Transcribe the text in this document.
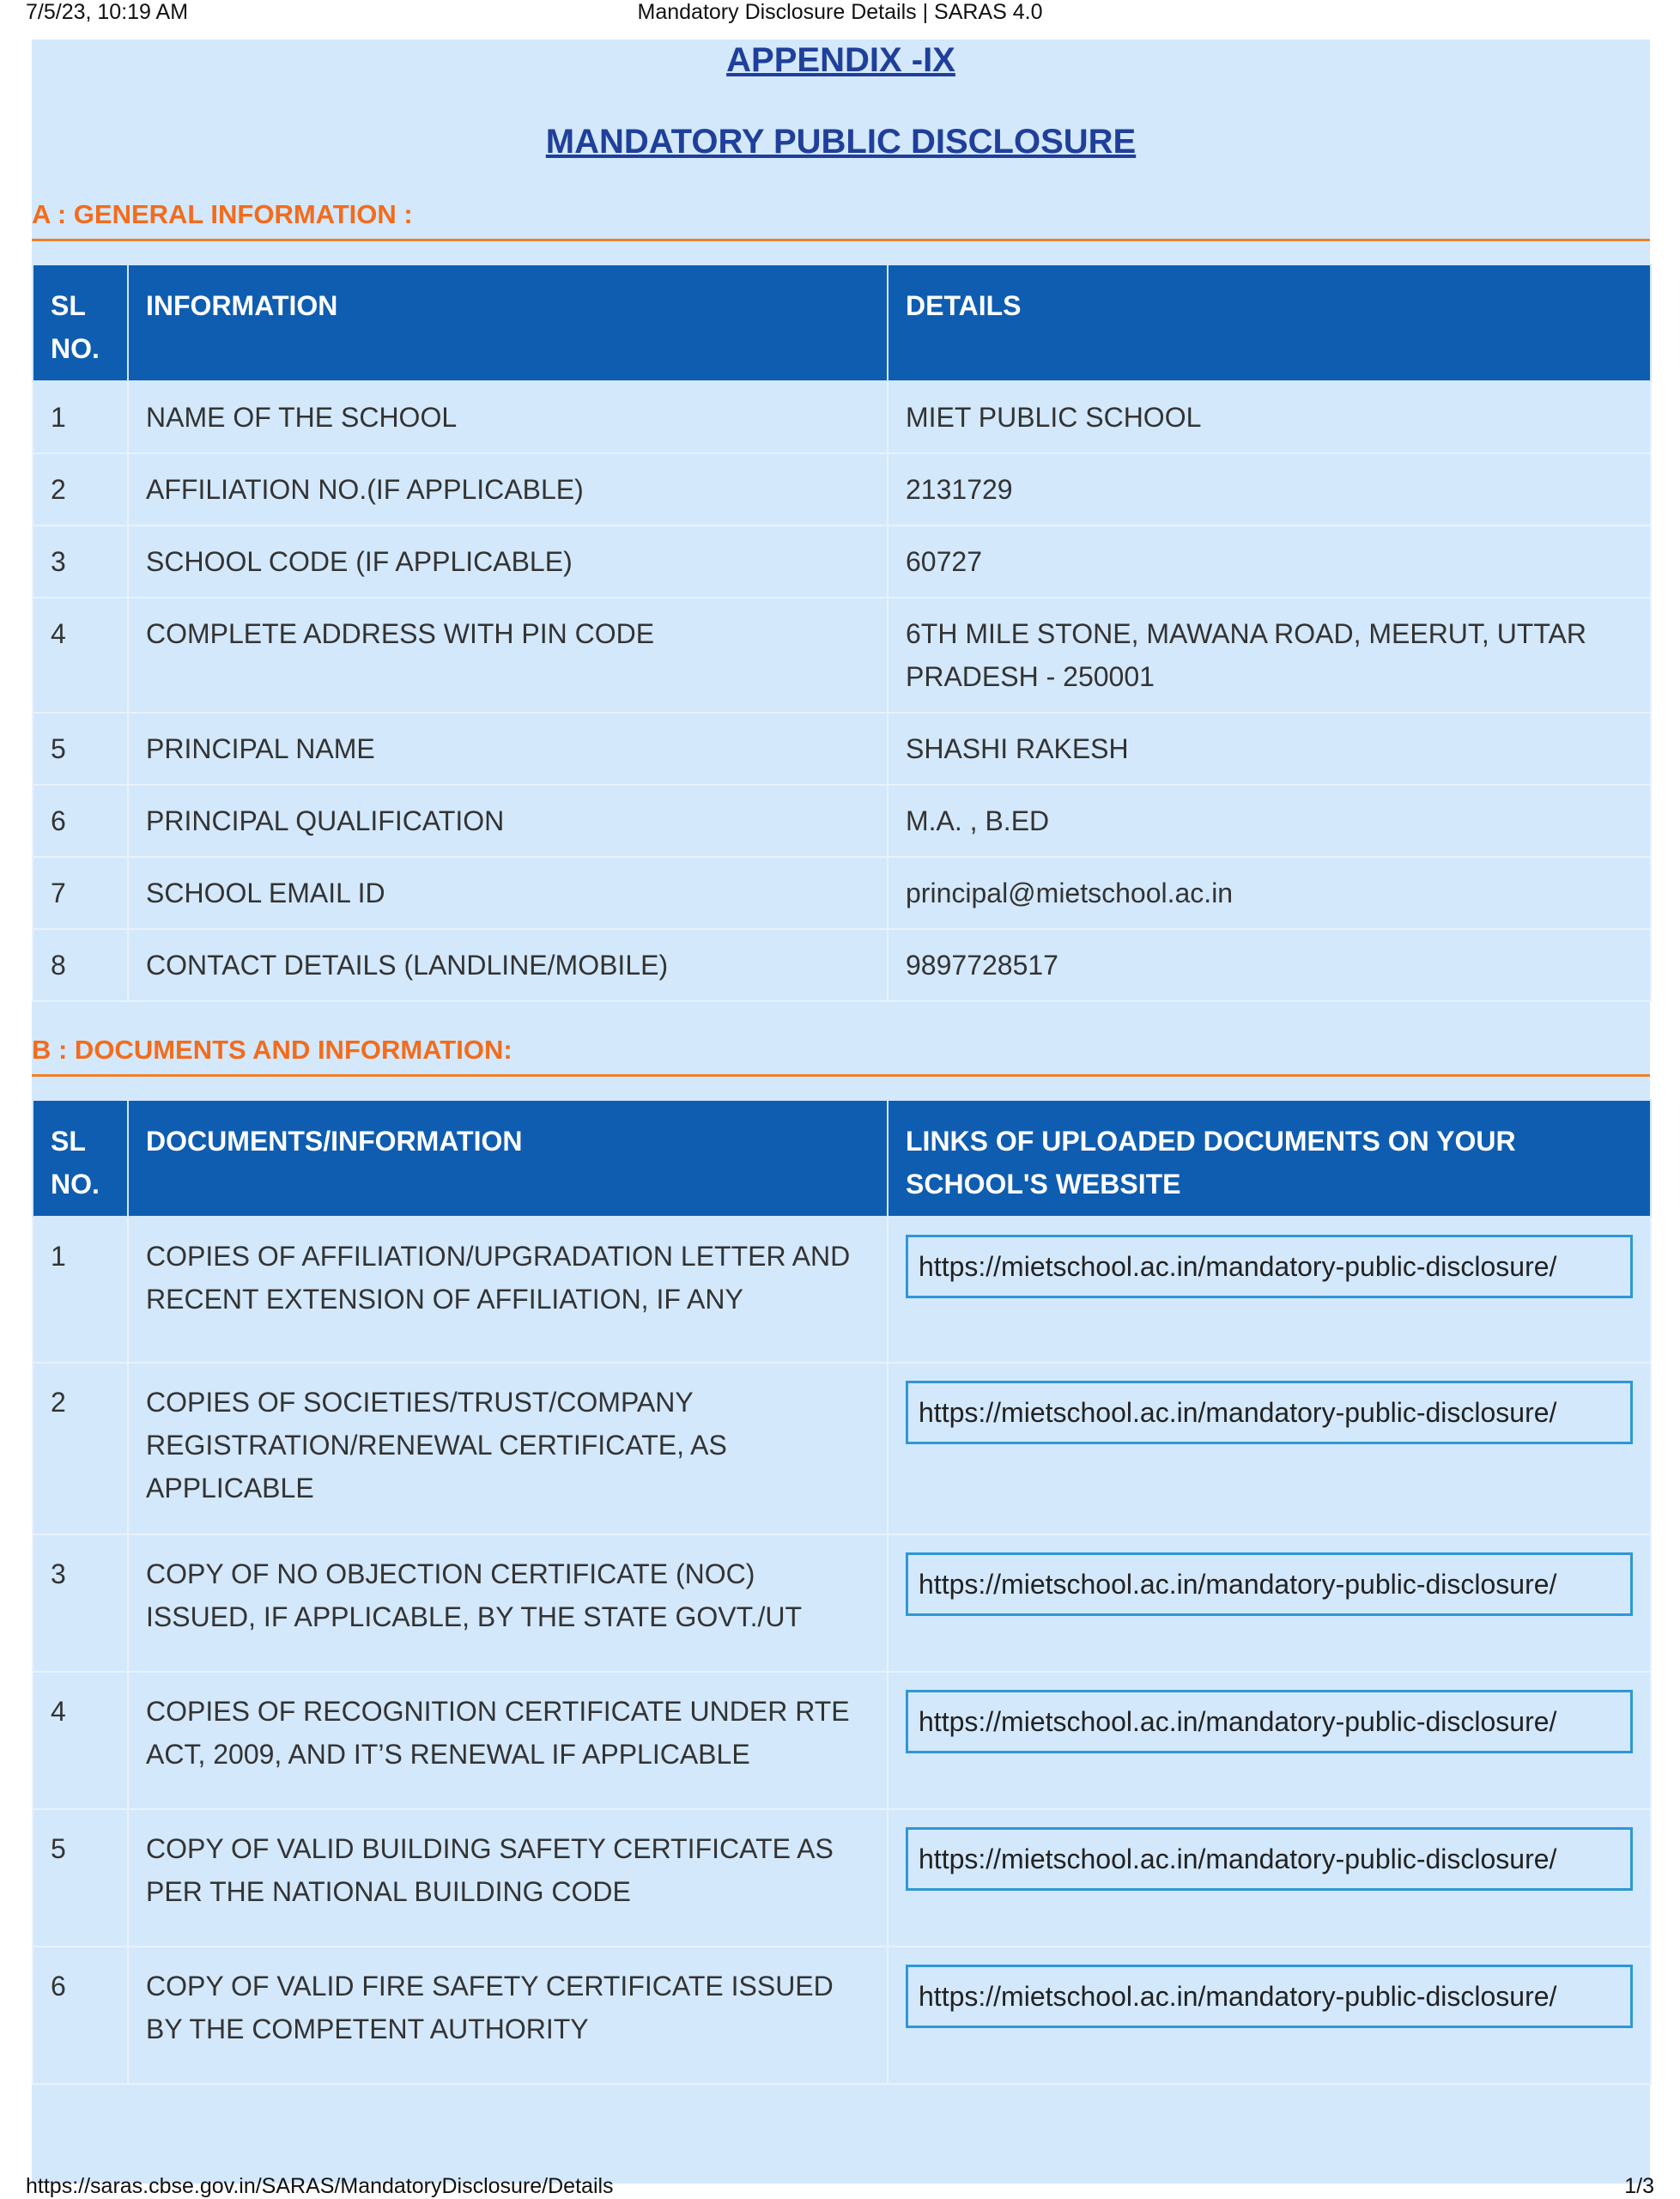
7/5/23, 10:19 AM	Mandatory Disclosure Details | SARAS 4.0
APPENDIX -IX
MANDATORY PUBLIC DISCLOSURE
A : GENERAL INFORMATION :
SL NO.	INFORMATION	DETAILS
1	NAME OF THE SCHOOL	MIET PUBLIC SCHOOL
2	AFFILIATION NO.(IF APPLICABLE)	2131729
3	SCHOOL CODE (IF APPLICABLE)	60727
4	COMPLETE ADDRESS WITH PIN CODE	6TH MILE STONE, MAWANA ROAD, MEERUT, UTTAR PRADESH - 250001
5	PRINCIPAL NAME	SHASHI RAKESH
6	PRINCIPAL QUALIFICATION	M.A. , B.ED
7	SCHOOL EMAIL ID	principal@mietschool.ac.in
8	CONTACT DETAILS (LANDLINE/MOBILE)	9897728517
B : DOCUMENTS AND INFORMATION:
SL NO.	DOCUMENTS/INFORMATION	LINKS OF UPLOADED DOCUMENTS ON YOUR SCHOOL'S WEBSITE
1	COPIES OF AFFILIATION/UPGRADATION LETTER AND RECENT EXTENSION OF AFFILIATION, IF ANY	https://mietschool.ac.in/mandatory-public-disclosure/

2	COPIES OF SOCIETIES/TRUST/COMPANY REGISTRATION/RENEWAL CERTIFICATE, AS APPLICABLE	https://mietschool.ac.in/mandatory-public-disclosure/

3	COPY OF NO OBJECTION CERTIFICATE (NOC) ISSUED, IF APPLICABLE, BY THE STATE GOVT./UT	https://mietschool.ac.in/mandatory-public-disclosure/

4	COPIES OF RECOGNITION CERTIFICATE UNDER RTE ACT, 2009, AND IT’S RENEWAL IF APPLICABLE	https://mietschool.ac.in/mandatory-public-disclosure/

5	COPY OF VALID BUILDING SAFETY CERTIFICATE AS PER THE NATIONAL BUILDING CODE	https://mietschool.ac.in/mandatory-public-disclosure/

6	COPY OF VALID FIRE SAFETY CERTIFICATE ISSUED BY THE COMPETENT AUTHORITY	https://mietschool.ac.in/mandatory-public-disclosure/
https://saras.cbse.gov.in/SARAS/MandatoryDisclosure/Details	1/3
